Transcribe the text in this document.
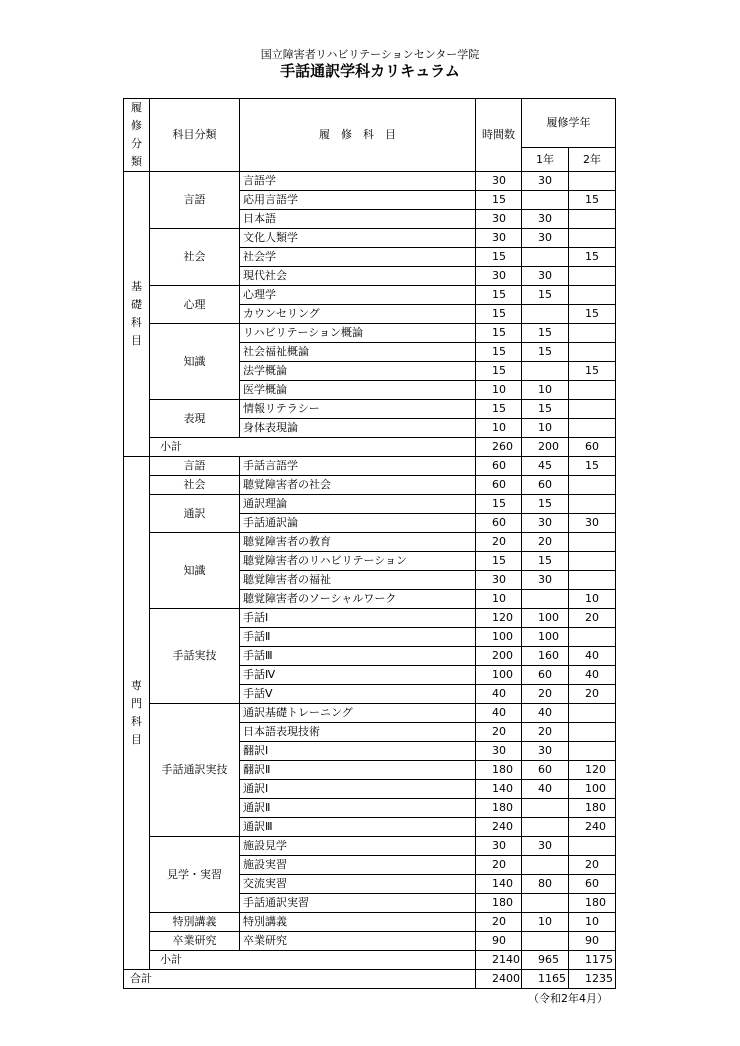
国立障害者リハビリテーションセンター学院
手話通訳学科カリキュラム
履
修
分
類	科目分類	履　修　科　目	時間数	履修学年	
				1年	2年

基
礎
科
目	言語	言語学	30	30	
		応用言語学	15		15
		日本語	30	30	
	社会	文化人類学	30	30	
		社会学	15		15
		現代社会	30	30	
	心理	心理学	15	15	
		カウンセリング	15		15
	知識	リハビリテーション概論	15	15	
		社会福祉概論	15	15	
		法学概論	15		15
		医学概論	10	10	
	表現	情報リテラシー	15	15	
		身体表現論	10	10	
	小計		260	200	60

専
門
科
目	言語	手話言語学	60	45	15
	社会	聴覚障害者の社会	60	60	
	通訳	通訳理論	15	15	
		手話通訳論	60	30	30
	知識	聴覚障害者の教育	20	20	
		聴覚障害者のリハビリテーション	15	15	
		聴覚障害者の福祉	30	30	
		聴覚障害者のソーシャルワーク	10		10
	手話実技	手話Ⅰ	120	100	20
		手話Ⅱ	100	100	
		手話Ⅲ	200	160	40
		手話Ⅳ	100	60	40
		手話Ⅴ	40	20	20
	手話通訳実技	通訳基礎トレーニング	40	40	
		日本語表現技術	20	20	
		翻訳Ⅰ	30	30	
		翻訳Ⅱ	180	60	120
		通訳Ⅰ	140	40	100
		通訳Ⅱ	180		180
		通訳Ⅲ	240		240
	見学・実習	施設見学	30	30	
		施設実習	20		20
		交流実習	140	80	60
		手話通訳実習	180		180
	特別講義	特別講義	20	10	10
	卒業研究	卒業研究	90		90
	小計		2140	965	1175
合計			2400	1165	1235
（令和2年4月）
